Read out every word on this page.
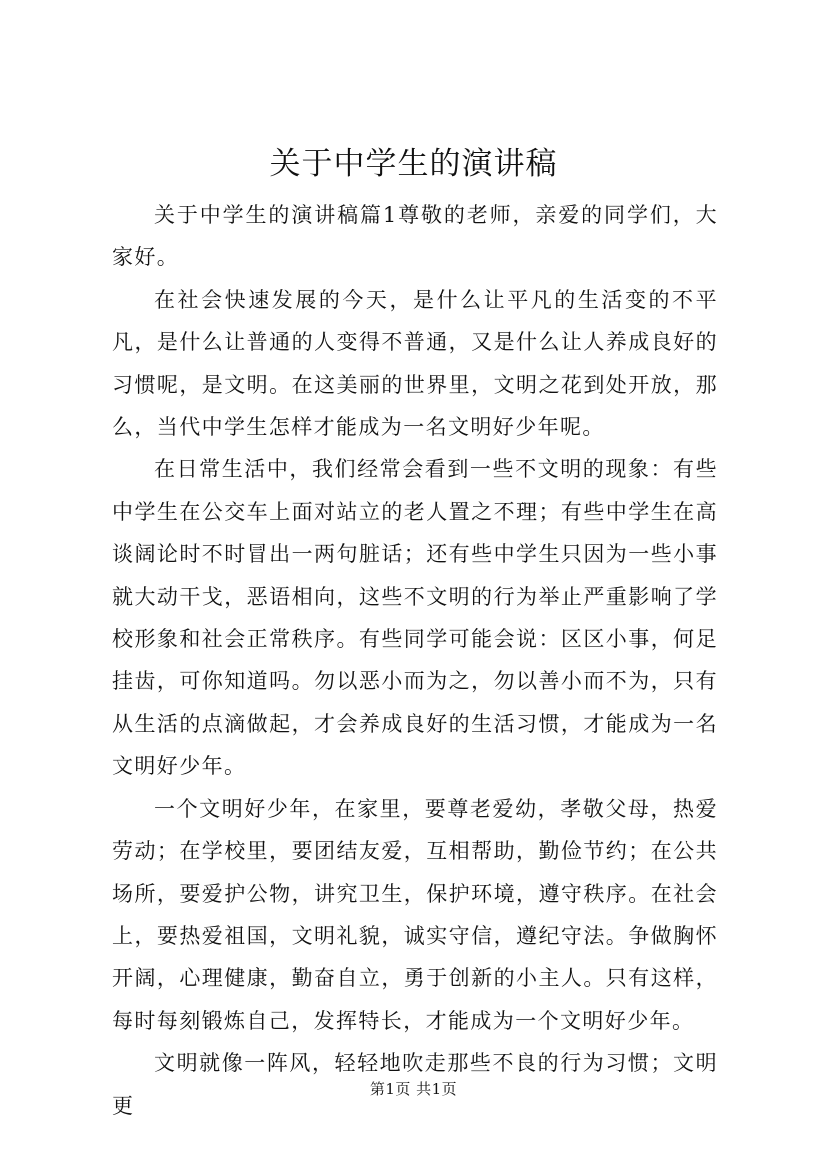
关于中学生的演讲稿

关于中学生的演讲稿篇1尊敬的老师，亲爱的同学们，大家好。

在社会快速发展的今天，是什么让平凡的生活变的不平凡，是什么让普通的人变得不普通，又是什么让人养成良好的习惯呢，是文明。在这美丽的世界里，文明之花到处开放，那么，当代中学生怎样才能成为一名文明好少年呢。

在日常生活中，我们经常会看到一些不文明的现象：有些中学生在公交车上面对站立的老人置之不理；有些中学生在高谈阔论时不时冒出一两句脏话；还有些中学生只因为一些小事就大动干戈，恶语相向，这些不文明的行为举止严重影响了学校形象和社会正常秩序。有些同学可能会说：区区小事，何足挂齿，可你知道吗。勿以恶小而为之，勿以善小而不为，只有从生活的点滴做起，才会养成良好的生活习惯，才能成为一名文明好少年。

一个文明好少年，在家里，要尊老爱幼，孝敬父母，热爱劳动；在学校里，要团结友爱，互相帮助，勤俭节约；在公共场所，要爱护公物，讲究卫生，保护环境，遵守秩序。在社会上，要热爱祖国，文明礼貌，诚实守信，遵纪守法。争做胸怀开阔，心理健康，勤奋自立，勇于创新的小主人。只有这样，每时每刻锻炼自己，发挥特长，才能成为一个文明好少年。

文明就像一阵风，轻轻地吹走那些不良的行为习惯；文明更

第1页 共1页
